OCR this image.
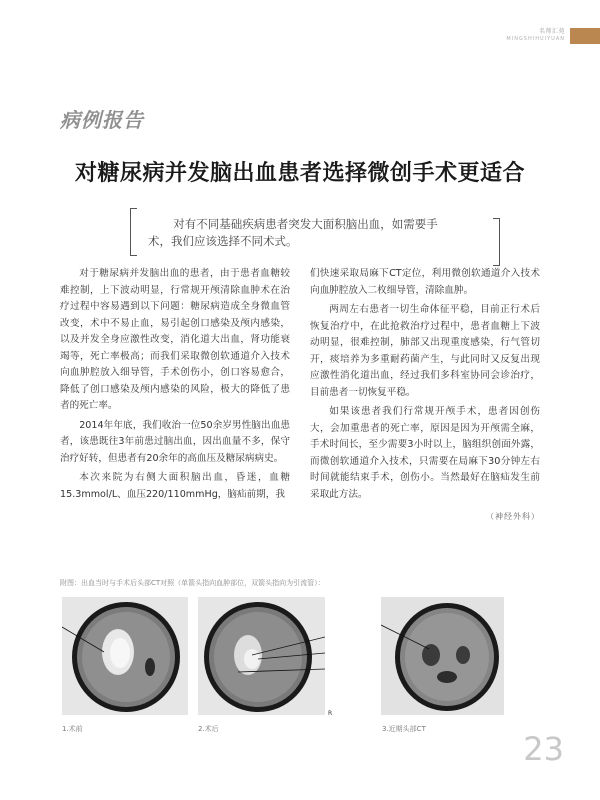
名师汇苑
MINGSHIHUIYUAN
病例报告
对糖尿病并发脑出血患者选择微创手术更适合

对有不同基础疾病患者突发大面积脑出血，如需要手术，我们应该选择不同术式。

对于糖尿病并发脑出血的患者，由于患者血糖较难控制，上下波动明显，行常规开颅清除血肿术在治疗过程中容易遇到以下问题：糖尿病造成全身微血管改变，术中不易止血，易引起创口感染及颅内感染，以及并发全身应激性改变，消化道大出血，肾功能衰竭等，死亡率极高；而我们采取微创软通道介入技术向血肿腔放入细导管，手术创伤小，创口容易愈合，降低了创口感染及颅内感染的风险，极大的降低了患者的死亡率。

2014年年底，我们收治一位50余岁男性脑出血患者，该患既往3年前患过脑出血，因出血量不多，保守治疗好转，但患者有20余年的高血压及糖尿病病史。

本次来院为右侧大面积脑出血，昏迷，血糖15.3mmol/L、血压220/110mmHg，脑疝前期，我

们快速采取局麻下CT定位，利用微创软通道介入技术向血肿腔放入二枚细导管，清除血肿。

两周左右患者一切生命体征平稳，目前正行术后恢复治疗中，在此抢救治疗过程中，患者血糖上下波动明显，很难控制，肺部又出现重度感染，行气管切开，痰培养为多重耐药菌产生，与此同时又反复出现应激性消化道出血，经过我们多科室协同会诊治疗，目前患者一切恢复平稳。

如果该患者我们行常规开颅手术，患者因创伤大，会加重患者的死亡率，原因是因为开颅需全麻，手术时间长，至少需要3小时以上，脑组织创面外露，而微创软通道介入技术，只需要在局麻下30分钟左右时间就能结束手术，创伤小。当然最好在脑疝发生前采取此方法。

（神经外科）
附图：出血当时与手术后头部CT对照（单箭头指向血肿部位，双箭头指向为引流管）：
R
1.术前	2.术后	3.近期头部CT
23
